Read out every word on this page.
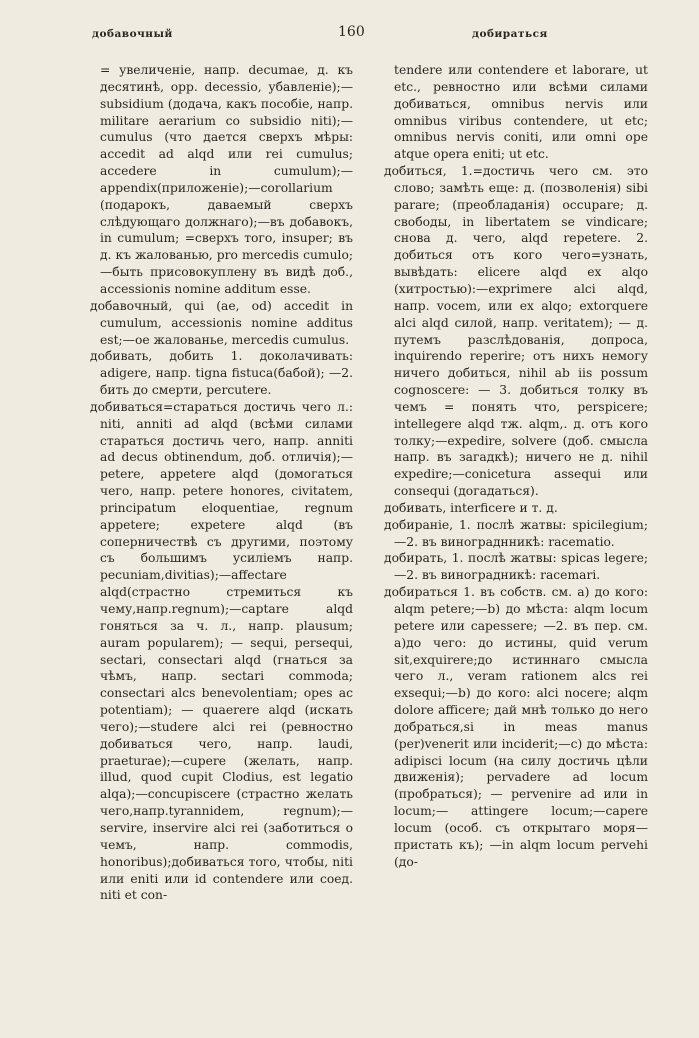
добавочный	160	добираться

= увеличеніе, напр. decumae, д. къ десятинѣ, opp. decessio, убавленіе);—subsidium (додача, какъ пособіе, напр. militare aerarium со subsidio niti);—cumulus (что дается сверхъ мѣры: accedit ad alqd или rei cumulus; accedere in cumulum);—appendix(приложеніе);—corollarium (подарокъ, даваемый сверхъ слѣдующаго должнаго);—въ добавокъ, in cumulum; =сверхъ того, insuper; въ д. къ жалованью, pro mercedis cumulo; —быть присовокуплену въ видѣ доб., accessionis nomine additum esse.

добавочный, qui (ae, od) accedit in cumulum, accessionis nomine additus est;—ое жалованье, mercedis cumulus.

добивать, добить 1. доколачивать: adigere, напр. tigna fistuca(бабой); —2. бить до смерти, percutere.

добиваться=стараться достичь чего л.: niti, anniti ad alqd (всѣми силами стараться достичь чего, напр. anniti ad decus obtinendum, доб. отличія);—petere, appetere alqd (домогаться чего, напр. petere honores, civitatem, principatum eloquentiae, regnum appetere; expetere alqd (въ соперничествѣ съ другими, поэтому съ большимъ усиліемъ напр. pecuniam,divitias);—affectare alqd(стрaстно стремиться къ чему,напр.regnum);—captare alqd гоняться за ч. л., напр. plausum; auram popularem); — sequi, persequi, sectari, consectari alqd (гнаться за чѣмъ, напр. sectari commoda; consectari alcs benevolentiam; opes ac potentiam); — quaerere alqd (искать чего);—studere alci rei (ревностно добиваться чего, напр. laudi, praeturae);—cupere (желать, напр. illud, quod cupit Clodius, est legatio alqa);—concupiscere (страстно желать чего,напр.tyrannidem, regnum);—servire, inservire alci rei (заботиться о чемъ, напр. commodis, honoribus);добиваться того, чтобы, niti или eniti или id contendere или соед. niti et con-

tendere или contendere et laborare, ut etc., ревностно или всѣми силами добиваться, omnibus nervis или omnibus viribus contendere, ut etc; omnibus nervis coniti, или omni ope atque opera eniti; ut etc.

добиться, 1.=достичь чего см. это слово; замѣть еще: д. (позволенія) sibi parare; (преобладанія) occupare; д. свободы, in libertatem se vindicare; снова д. чего, alqd repetere. 2. добиться отъ кого чего=узнать, вывѣдать: elicere alqd ex alqo (хитростью):—exprimere alci alqd, напр. vocem, или ex alqo; extorquere alci alqd силой, напр. veritatem); — д. путемъ разслѣдованія, допроса, inquirendo reperire; отъ нихъ немогу ничего добиться, nihil ab iis possum cognoscere: — 3. добиться толку въ чемъ = понять что, perspicere; intellegere alqd тж. alqm,. д. отъ кого толку;—expedire, solvere (доб. смысла напр. въ загадкѣ); ничего не д. nihil expedire;—conicetura assequi или consequi (догадаться).

добивать, interficere и т. д.

добираніе, 1. послѣ жатвы: spicilegium;—2. въ винограднникѣ: racematio.

добирать, 1. послѣ жатвы: spicas legere;—2. въ виноградникѣ: racemari.

добираться 1. въ собств. см. а) до кого: alqm petere;—b) до мѣста: alqm locum petere или capessere; —2. въ пер. см. а)до чего: до истины, quid verum sit,exquirere;до истиннаго смысла чего л., veram rationem alcs rei exsequi;—b) до кого: alci nocere; alqm dolore afficere; дай мнѣ только до него добраться,si in meas manus (per)venerit или inciderit;—c) до мѣста: adipisci locum (на силу достичь цѣли движенія); pervadere ad locum (пробраться); — pervenire ad или in locum;— attingere locum;—capere locum (особ. съ открытаго моря—пристать къ); —in alqm locum pervehi (до-
